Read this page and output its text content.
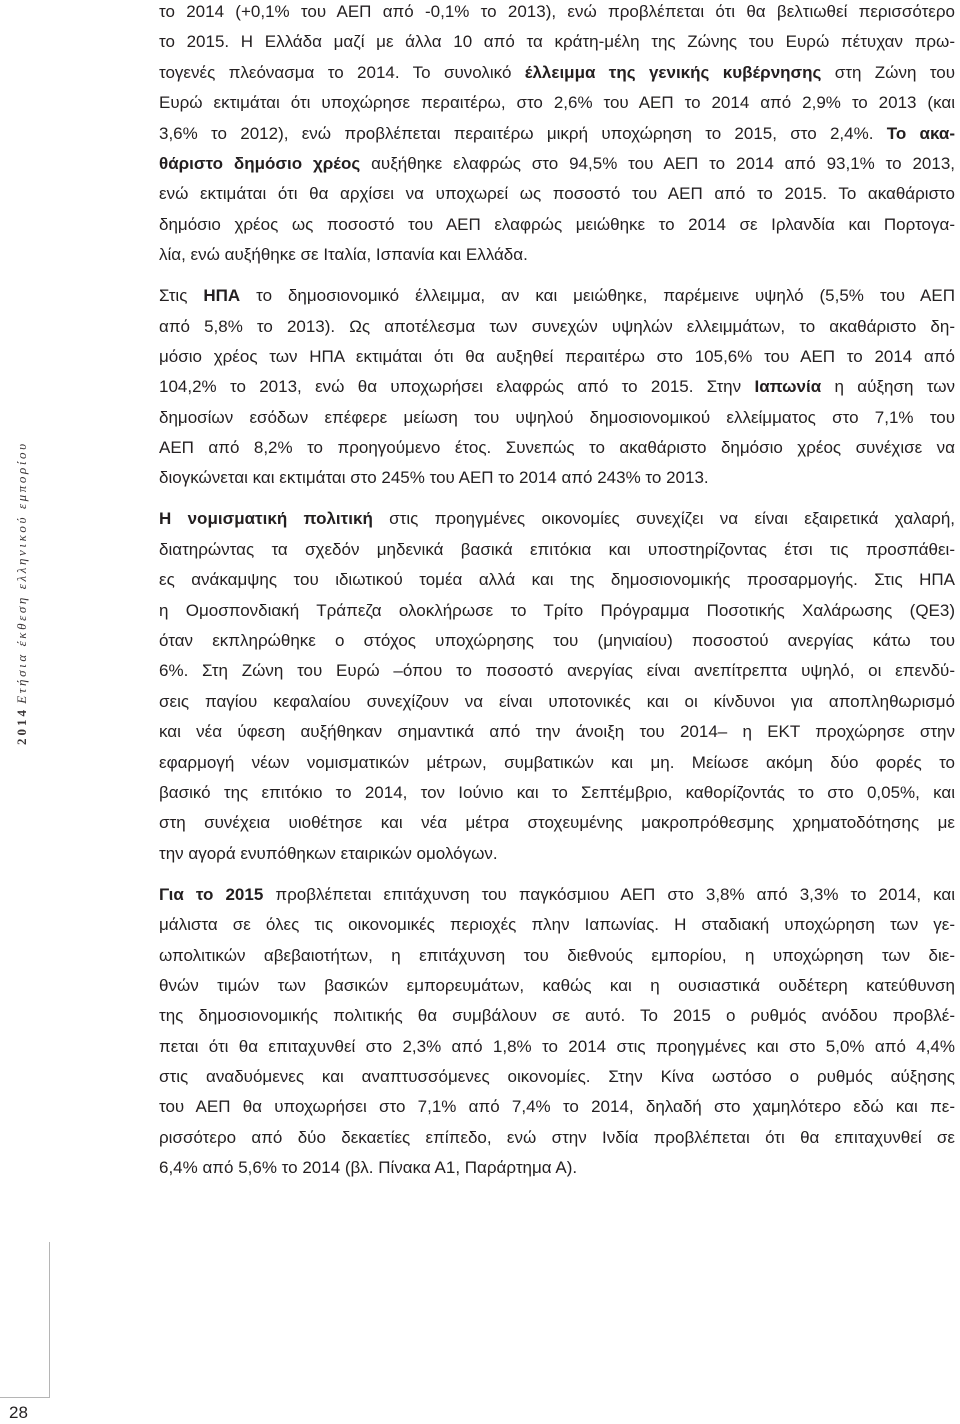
2014 Ετήσια έκθεση ελληνικού εμπορίου
το 2014 (+0,1% του ΑΕΠ από -0,1% το 2013), ενώ προβλέπεται ότι θα βελτιωθεί περισσότερο
το 2015. Η Ελλάδα μαζί με άλλα 10 από τα κράτη-μέλη της Ζώνης του Ευρώ πέτυχαν πρω-
τογενές πλεόνασμα το 2014. Το συνολικό έλλειμμα της γενικής κυβέρνησης στη Ζώνη του
Ευρώ εκτιμάται ότι υποχώρησε περαιτέρω, στο 2,6% του ΑΕΠ το 2014 από 2,9% το 2013 (και
3,6% το 2012), ενώ προβλέπεται περαιτέρω μικρή υποχώρηση το 2015, στο 2,4%. Το ακα-
θάριστο δημόσιο χρέος αυξήθηκε ελαφρώς στο 94,5% του ΑΕΠ το 2014 από 93,1% το 2013,
ενώ εκτιμάται ότι θα αρχίσει να υποχωρεί ως ποσοστό του ΑΕΠ από το 2015. Το ακαθάριστο
δημόσιο χρέος ως ποσοστό του ΑΕΠ ελαφρώς μειώθηκε το 2014 σε Ιρλανδία και Πορτογα-
λία, ενώ αυξήθηκε σε Ιταλία, Ισπανία και Ελλάδα.
Στις ΗΠΑ το δημοσιονομικό έλλειμμα, αν και μειώθηκε, παρέμεινε υψηλό (5,5% του ΑΕΠ
από 5,8% το 2013). Ως αποτέλεσμα των συνεχών υψηλών ελλειμμάτων, το ακαθάριστο δη-
μόσιο χρέος των ΗΠΑ εκτιμάται ότι θα αυξηθεί περαιτέρω στο 105,6% του ΑΕΠ το 2014 από
104,2% το 2013, ενώ θα υποχωρήσει ελαφρώς από το 2015. Στην Ιαπωνία η αύξηση των
δημοσίων εσόδων επέφερε μείωση του υψηλού δημοσιονομικού ελλείμματος στο 7,1% του
ΑΕΠ από 8,2% το προηγούμενο έτος. Συνεπώς το ακαθάριστο δημόσιο χρέος συνέχισε να
διογκώνεται και εκτιμάται στο 245% του ΑΕΠ το 2014 από 243% το 2013.
Η νομισματική πολιτική στις προηγμένες οικονομίες συνεχίζει να είναι εξαιρετικά χαλαρή,
διατηρώντας τα σχεδόν μηδενικά βασικά επιτόκια και υποστηρίζοντας έτσι τις προσπάθει-
ες ανάκαμψης του ιδιωτικού τομέα αλλά και της δημοσιονομικής προσαρμογής. Στις ΗΠΑ
η Ομοσπονδιακή Τράπεζα ολοκλήρωσε το Τρίτο Πρόγραμμα Ποσοτικής Χαλάρωσης (QE3)
όταν εκπληρώθηκε ο στόχος υποχώρησης του (μηνιαίου) ποσοστού ανεργίας κάτω του
6%. Στη Ζώνη του Ευρώ –όπου το ποσοστό ανεργίας είναι ανεπίτρεπτα υψηλό, οι επενδύ-
σεις παγίου κεφαλαίου συνεχίζουν να είναι υποτονικές και οι κίνδυνοι για αποπληθωρισμό
και νέα ύφεση αυξήθηκαν σημαντικά από την άνοιξη του 2014– η ΕΚΤ προχώρησε στην
εφαρμογή νέων νομισματικών μέτρων, συμβατικών και μη. Μείωσε ακόμη δύο φορές το
βασικό της επιτόκιο το 2014, τον Ιούνιο και το Σεπτέμβριο, καθορίζοντάς το στο 0,05%, και
στη συνέχεια υιοθέτησε και νέα μέτρα στοχευμένης μακροπρόθεσμης χρηματοδότησης με
την αγορά ενυπόθηκων εταιρικών ομολόγων.
Για το 2015 προβλέπεται επιτάχυνση του παγκόσμιου ΑΕΠ στο 3,8% από 3,3% το 2014, και
μάλιστα σε όλες τις οικονομικές περιοχές πλην Ιαπωνίας. Η σταδιακή υποχώρηση των γε-
ωπολιτικών αβεβαιοτήτων, η επιτάχυνση του διεθνούς εμπορίου, η υποχώρηση των διε-
θνών τιμών των βασικών εμπορευμάτων, καθώς και η ουσιαστικά ουδέτερη κατεύθυνση
της δημοσιονομικής πολιτικής θα συμβάλουν σε αυτό. Το 2015 ο ρυθμός ανόδου προβλέ-
πεται ότι θα επιταχυνθεί στο 2,3% από 1,8% το 2014 στις προηγμένες και στο 5,0% από 4,4%
στις αναδυόμενες και αναπτυσσόμενες οικονομίες. Στην Κίνα ωστόσο ο ρυθμός αύξησης
του ΑΕΠ θα υποχωρήσει στο 7,1% από 7,4% το 2014, δηλαδή στο χαμηλότερο εδώ και πε-
ρισσότερο από δύο δεκαετίες επίπεδο, ενώ στην Ινδία προβλέπεται ότι θα επιταχυνθεί σε
6,4% από 5,6% το 2014 (βλ. Πίνακα Α1, Παράρτημα Α).
28
